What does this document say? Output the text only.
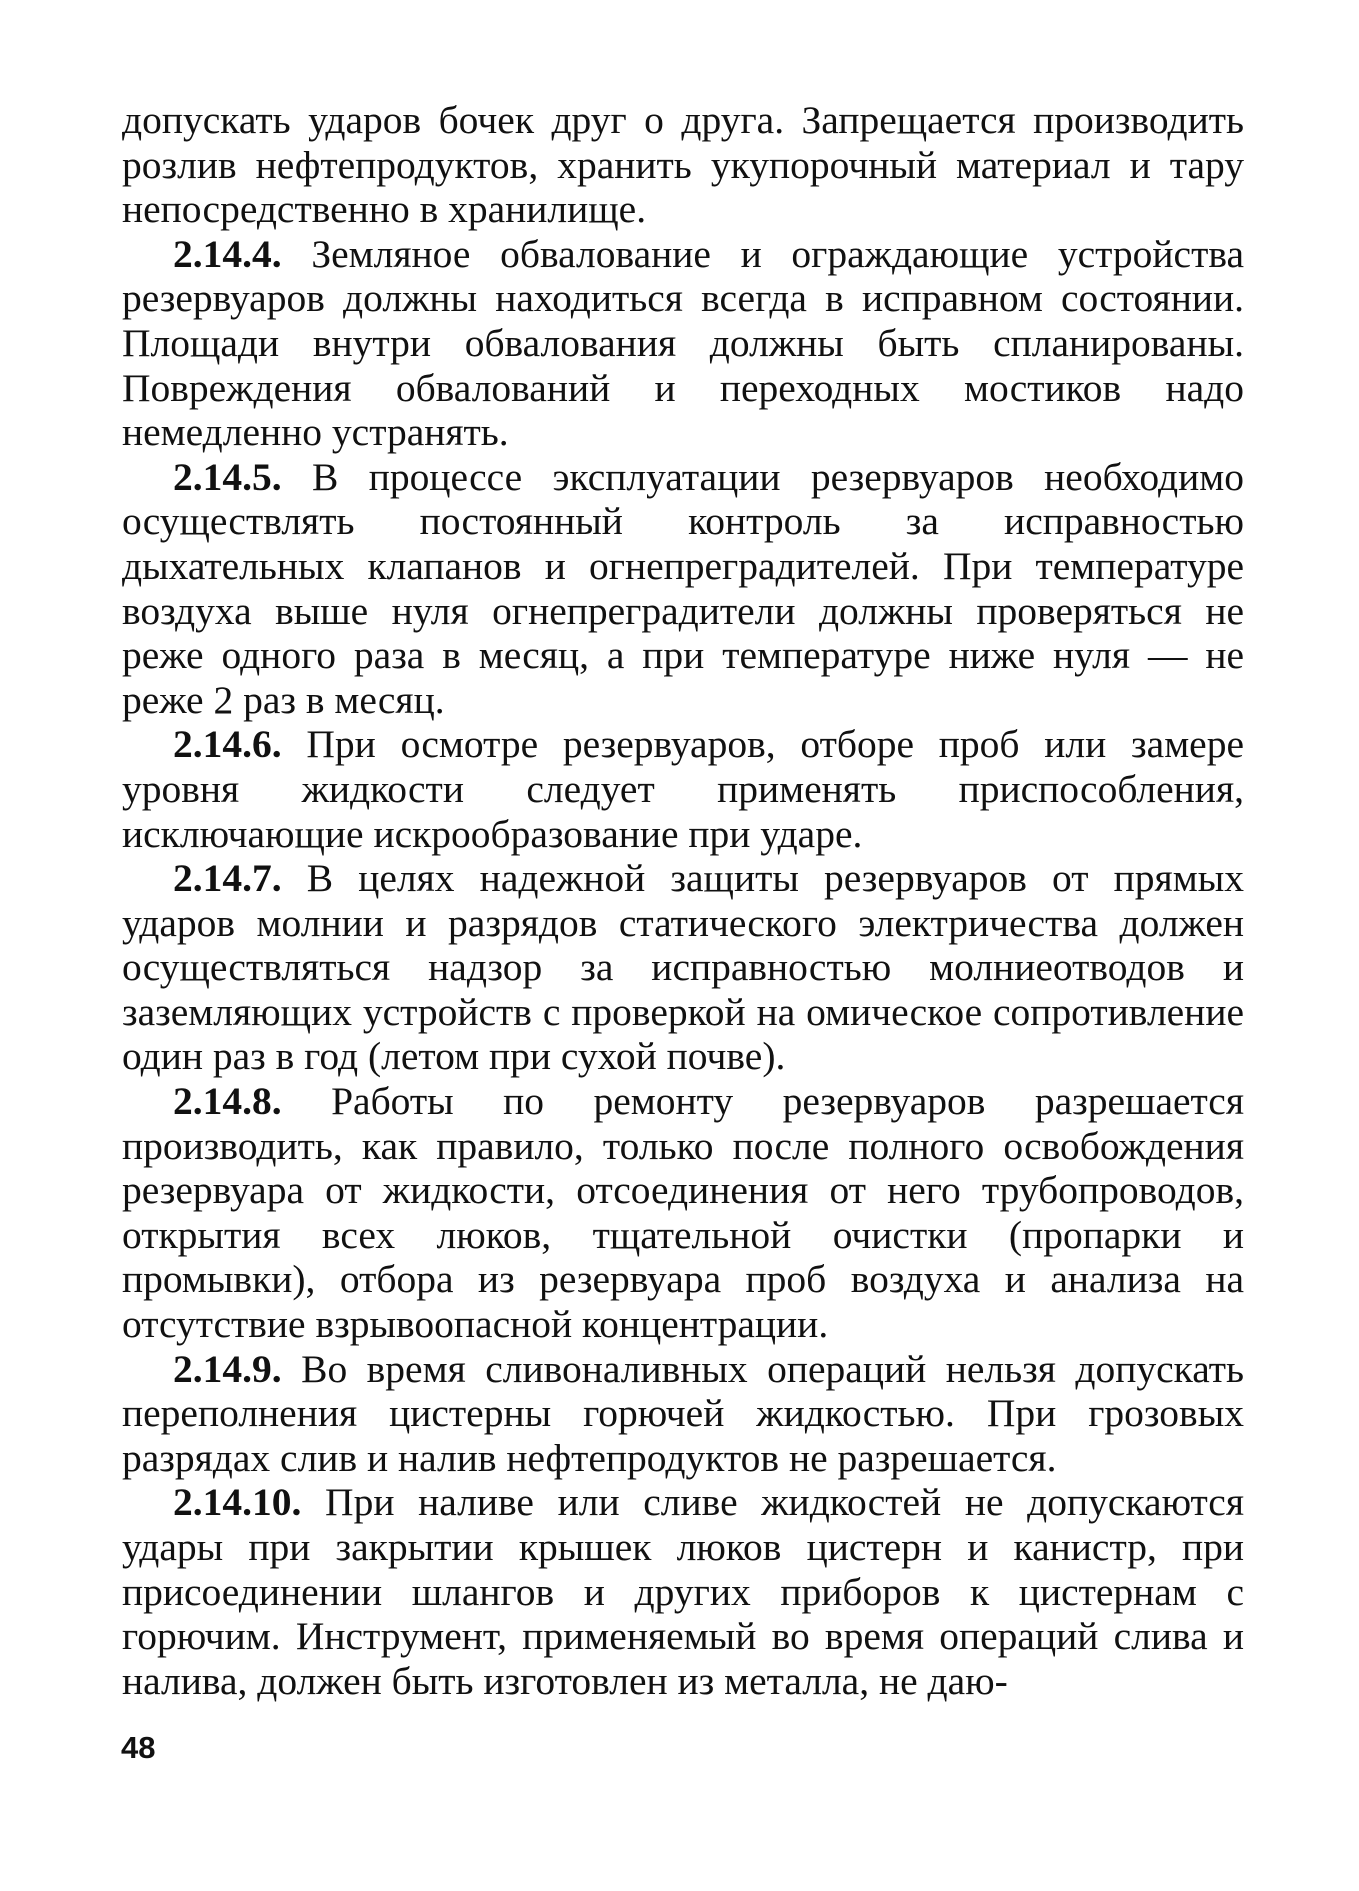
допускать ударов бочек друг о друга. Запрещается производить розлив нефтепродуктов, хранить укупорочный материал и тару непосредственно в хранилище.

2.14.4. Земляное обвалование и ограждающие устройства резервуаров должны находиться всегда в исправном состоянии. Площади внутри обвалования должны быть спланированы. Повреждения обвалований и переходных мостиков надо немедленно устранять.

2.14.5. В процессе эксплуатации резервуаров необходимо осуществлять постоянный контроль за исправностью дыхательных клапанов и огнепреградителей. При температуре воздуха выше нуля огнепреградители должны проверяться не реже одного раза в месяц, а при температуре ниже нуля — не реже 2 раз в месяц.

2.14.6. При осмотре резервуаров, отборе проб или замере уровня жидкости следует применять приспособления, исключающие искрообразование при ударе.

2.14.7. В целях надежной защиты резервуаров от прямых ударов молнии и разрядов статического электричества должен осуществляться надзор за исправностью молниеотводов и заземляющих устройств с проверкой на омическое сопротивление один раз в год (летом при сухой почве).

2.14.8. Работы по ремонту резервуаров разрешается производить, как правило, только после полного освобождения резервуара от жидкости, отсоединения от него трубопроводов, открытия всех люков, тщательной очистки (пропарки и промывки), отбора из резервуара проб воздуха и анализа на отсутствие взрывоопасной концентрации.

2.14.9. Во время сливоналивных операций нельзя допускать переполнения цистерны горючей жидкостью. При грозовых разрядах слив и налив нефтепродуктов не разрешается.

2.14.10. При наливе или сливе жидкостей не допускаются удары при закрытии крышек люков цистерн и канистр, при присоединении шлангов и других приборов к цистернам с горючим. Инструмент, применяемый во время операций слива и налива, должен быть изготовлен из металла, не даю-

48
